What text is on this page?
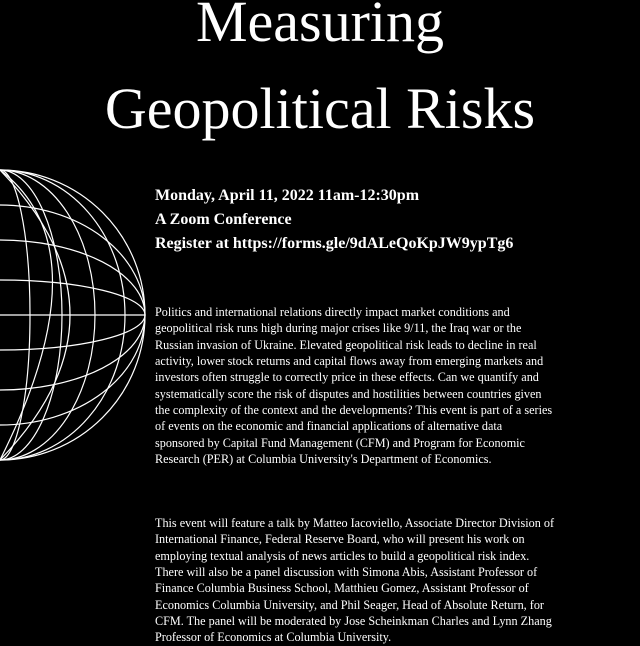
Measuring
Geopolitical Risks
Monday, April 11, 2022 11am-12:30pm
A Zoom Conference
Register at https://forms.gle/9dALeQoKpJW9ypTg6

Politics and international relations directly impact market conditions and
geopolitical risk runs high during major crises like 9/11, the Iraq war or the
Russian invasion of Ukraine. Elevated geopolitical risk leads to decline in real
activity, lower stock returns and capital flows away from emerging markets and
investors often struggle to correctly price in these effects. Can we quantify and
systematically score the risk of disputes and hostilities between countries given
the complexity of the context and the developments? This event is part of a series
of events on the economic and financial applications of alternative data
sponsored by Capital Fund Management (CFM) and Program for Economic
Research (PER) at Columbia University's Department of Economics.

This event will feature a talk by Matteo Iacoviello, Associate Director Division of
International Finance, Federal Reserve Board, who will present his work on
employing textual analysis of news articles to build a geopolitical risk index.
There will also be a panel discussion with Simona Abis, Assistant Professor of
Finance Columbia Business School, Matthieu Gomez, Assistant Professor of
Economics Columbia University, and Phil Seager, Head of Absolute Return, for
CFM. The panel will be moderated by Jose Scheinkman Charles and Lynn Zhang
Professor of Economics at Columbia University.
